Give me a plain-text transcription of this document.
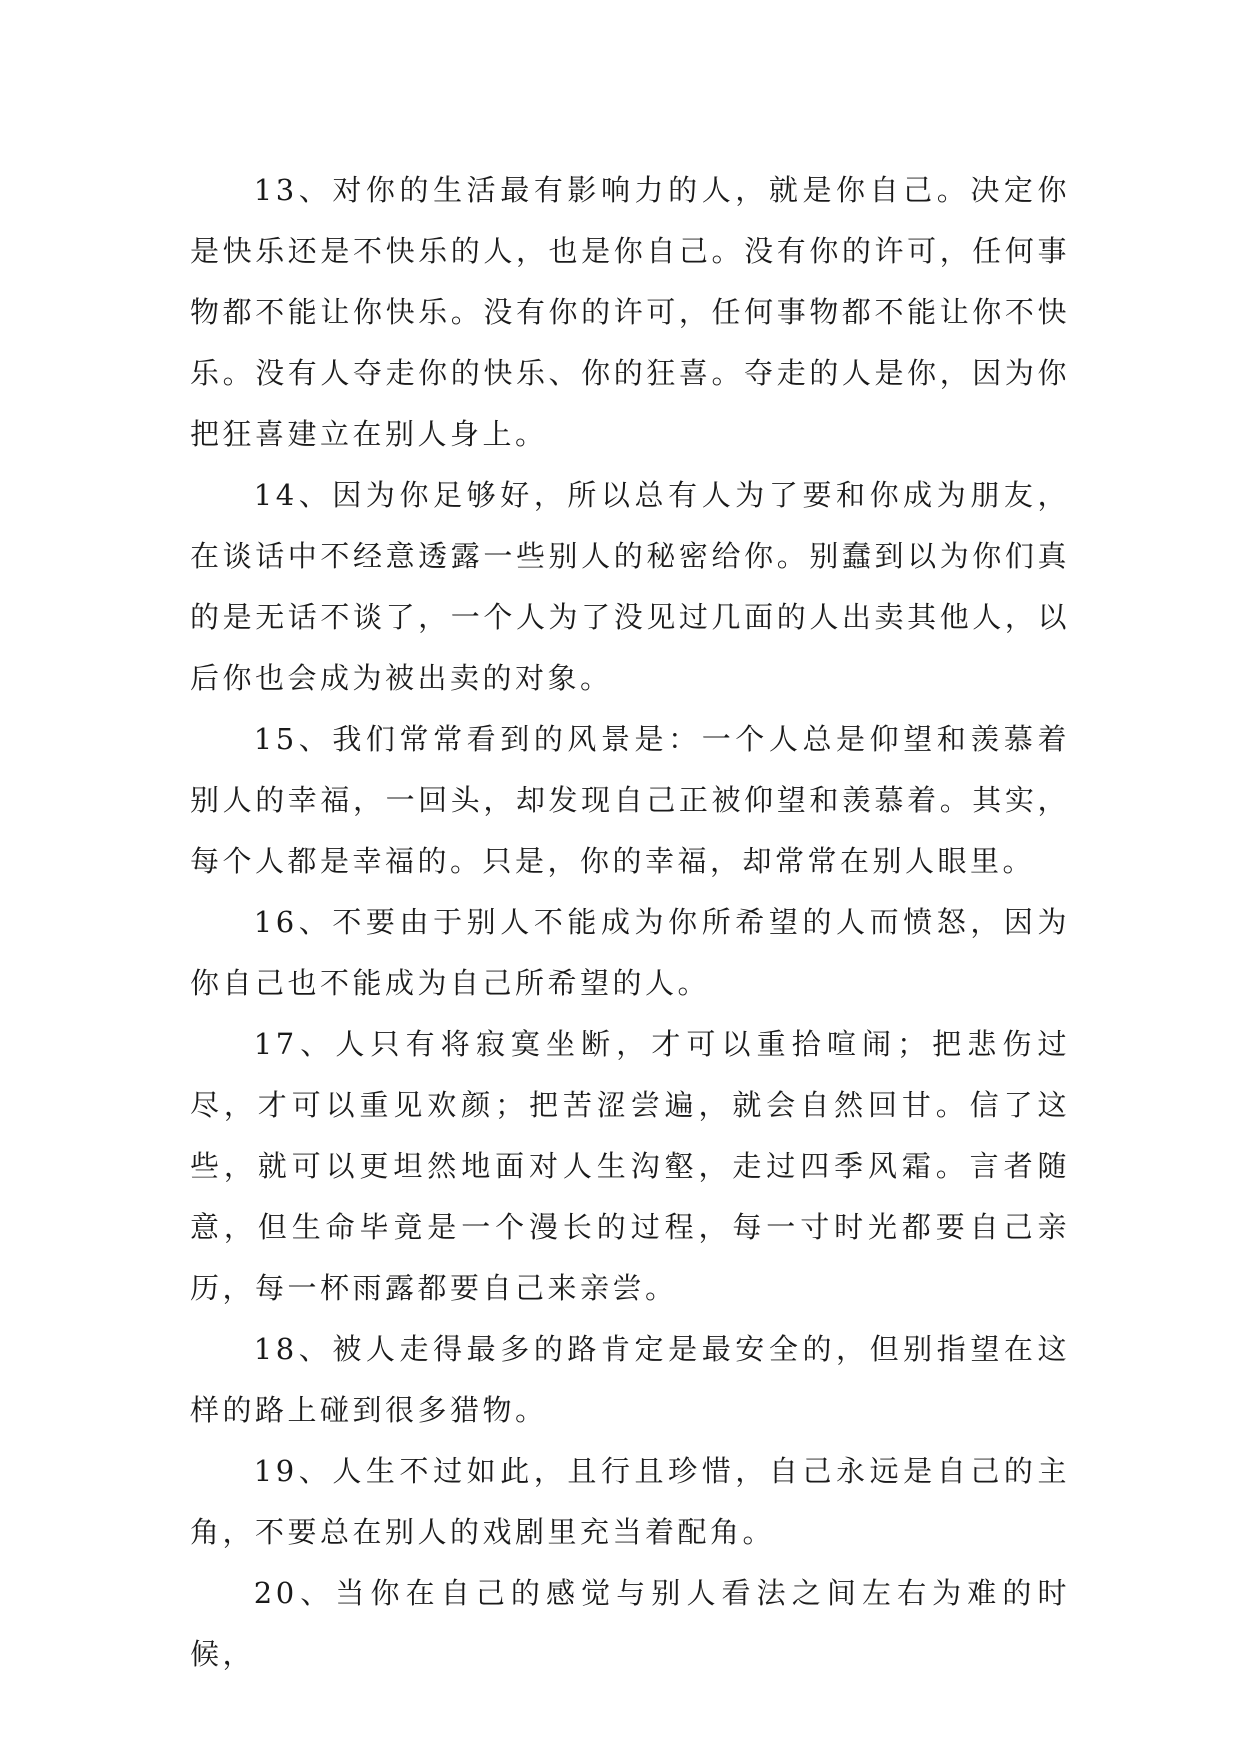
13、对你的生活最有影响力的人，就是你自己。决定你是快乐还是不快乐的人，也是你自己。没有你的许可，任何事物都不能让你快乐。没有你的许可，任何事物都不能让你不快乐。没有人夺走你的快乐、你的狂喜。夺走的人是你，因为你把狂喜建立在别人身上。

14、因为你足够好，所以总有人为了要和你成为朋友，在谈话中不经意透露一些别人的秘密给你。别蠢到以为你们真的是无话不谈了，一个人为了没见过几面的人出卖其他人，以后你也会成为被出卖的对象。

15、我们常常看到的风景是：一个人总是仰望和羡慕着别人的幸福，一回头，却发现自己正被仰望和羡慕着。其实，每个人都是幸福的。只是，你的幸福，却常常在别人眼里。

16、不要由于别人不能成为你所希望的人而愤怒，因为你自己也不能成为自己所希望的人。

17、人只有将寂寞坐断，才可以重拾喧闹；把悲伤过尽，才可以重见欢颜；把苦涩尝遍，就会自然回甘。信了这些，就可以更坦然地面对人生沟壑，走过四季风霜。言者随意，但生命毕竟是一个漫长的过程，每一寸时光都要自己亲历，每一杯雨露都要自己来亲尝。

18、被人走得最多的路肯定是最安全的，但别指望在这样的路上碰到很多猎物。

19、人生不过如此，且行且珍惜，自己永远是自己的主角，不要总在别人的戏剧里充当着配角。

20、当你在自己的感觉与别人看法之间左右为难的时候，
